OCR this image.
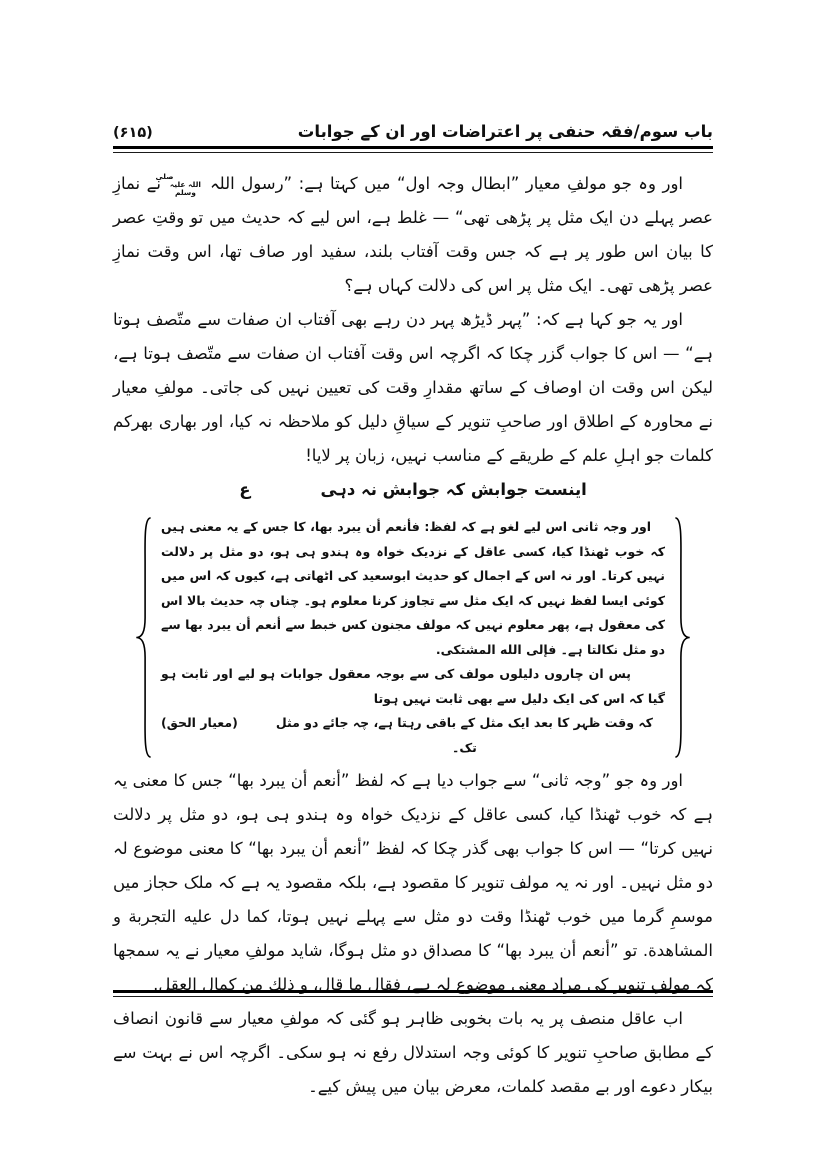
باب سوم/فقہ حنفی پر اعتراضات اور ان کے جوابات
(۶۱۵)

اور وہ جو مولفِ معیار ”ابطال وجہ اول“ میں کہتا ہے: ”رسول اللہ صلی اللہ علیہ وسلم نے نمازِ عصر پہلے دن ایک مثل پر پڑھی تھی“ — غلط ہے، اس لیے کہ حدیث میں تو وقتِ عصر کا بیان اس طور پر ہے کہ جس وقت آفتاب بلند، سفید اور صاف تھا، اس وقت نمازِ عصر پڑھی تھی۔ ایک مثل پر اس کی دلالت کہاں ہے؟

اور یہ جو کہا ہے کہ: ”پہر ڈیڑھ پہر دن رہے بھی آفتاب ان صفات سے متّصف ہوتا ہے“ — اس کا جواب گزر چکا کہ اگرچہ اس وقت آفتاب ان صفات سے متّصف ہوتا ہے، لیکن اس وقت ان اوصاف کے ساتھ مقدارِ وقت کی تعیین نہیں کی جاتی۔ مولفِ معیار نے محاورہ کے اطلاق اور صاحبِ تنویر کے سیاقِ دلیل کو ملاحظہ نہ کیا، اور بھاری بھرکم کلمات جو اہلِ علم کے طریقے کے مناسب نہیں، زبان پر لایا!

اینست جوابش کہ جوابش نہ دہی
ع

اور وجہ ثانی اس لیے لغو ہے کہ لفظ: فأنعم أن يبرد بها، کا جس کے یہ معنی ہیں کہ خوب ٹھنڈا کیا، کسی عاقل کے نزدیک خواہ وہ ہندو ہی ہو، دو مثل پر دلالت نہیں کرتا۔ اور نہ اس کے اجمال کو حدیث ابوسعید کی اٹھاتی ہے، کیوں کہ اس میں کوئی ایسا لفظ نہیں کہ ایک مثل سے تجاوز کرنا معلوم ہو۔ چناں چہ حدیث بالا اس کی معقول ہے، پھر معلوم نہیں کہ مولف مجنون کس خبط سے أنعم أن يبرد بها سے دو مثل نکالتا ہے۔ فإلى الله المشتكى.

پس ان چاروں دلیلوں مولف کی سے بوجہ معقول جوابات ہو لیے اور ثابت ہو گیا کہ اس کی ایک دلیل سے بھی ثابت نہیں ہوتا

کہ وقت ظہر کا بعد ایک مثل کے باقی رہتا ہے، چہ جائے دو مثل تک۔
(معیار الحق)

اور وہ جو ”وجہ ثانی“ سے جواب دیا ہے کہ لفظ ”أنعم أن يبرد بها“ جس کا معنی یہ ہے کہ خوب ٹھنڈا کیا، کسی عاقل کے نزدیک خواہ وہ ہندو ہی ہو، دو مثل پر دلالت نہیں کرتا“ — اس کا جواب بھی گذر چکا کہ لفظ ”أنعم أن يبرد بها“ کا معنی موضوع لہ دو مثل نہیں۔ اور نہ یہ مولف تنویر کا مقصود ہے، بلکہ مقصود یہ ہے کہ ملک حجاز میں موسمِ گرما میں خوب ٹھنڈا وقت دو مثل سے پہلے نہیں ہوتا، كما دل عليه التجربة و المشاهدة. تو ”أنعم أن يبرد بها“ کا مصداق دو مثل ہوگا، شاید مولفِ معیار نے یہ سمجھا کہ مولفِ تنویر کی مراد معنی موضوع لہ ہے، فقال ما قال، و ذلك من كمال العقل.

اب عاقل منصف پر یہ بات بخوبی ظاہر ہو گئی کہ مولفِ معیار سے قانون انصاف کے مطابق صاحبِ تنویر کا کوئی وجہ استدلال رفع نہ ہو سکی۔ اگرچہ اس نے بہت سے بیکار دعوے اور بے مقصد کلمات، معرض بیان میں پیش کیے۔
